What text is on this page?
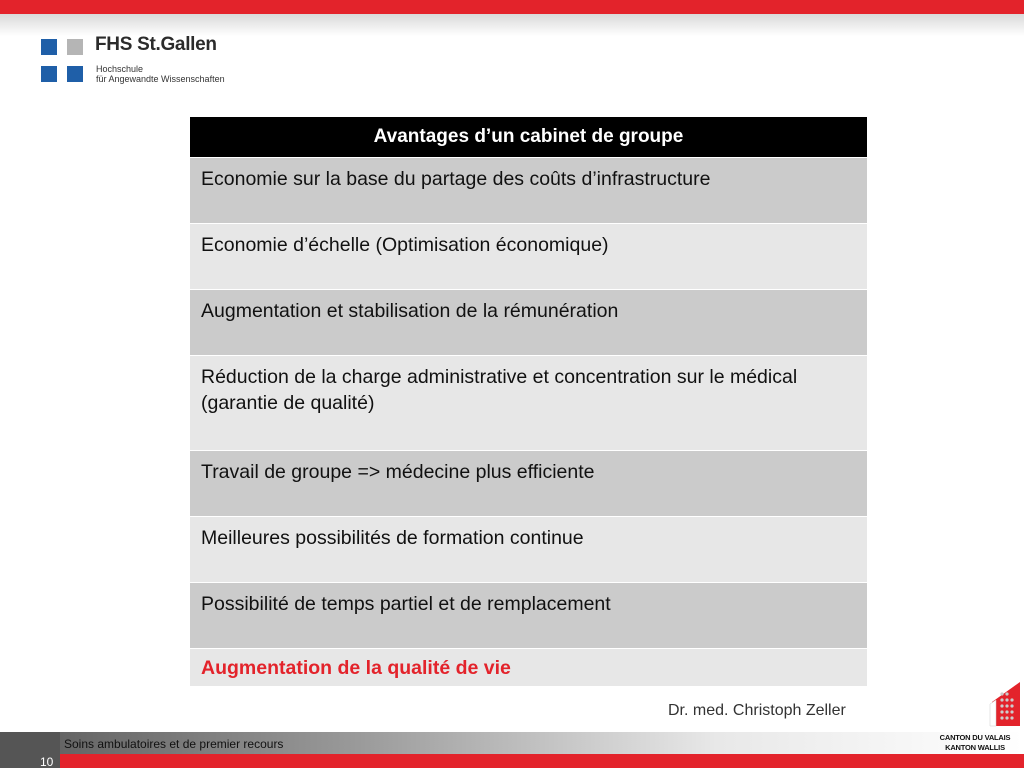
FHS St.Gallen
Hochschule
für Angewandte Wissenschaften
Avantages d’un cabinet de groupe
Economie sur la base du partage des coûts d’infrastructure
Economie d’échelle (Optimisation économique)
Augmentation et stabilisation de la rémunération
Réduction de la charge administrative et concentration sur le médical (garantie de qualité)
Travail de groupe => médecine plus efficiente
Meilleures possibilités de formation continue
Possibilité de temps partiel et de remplacement
Augmentation de la qualité de vie
Dr. med. Christoph Zeller
Soins ambulatoires et de premier recours
10
CANTON DU VALAIS
KANTON WALLIS
